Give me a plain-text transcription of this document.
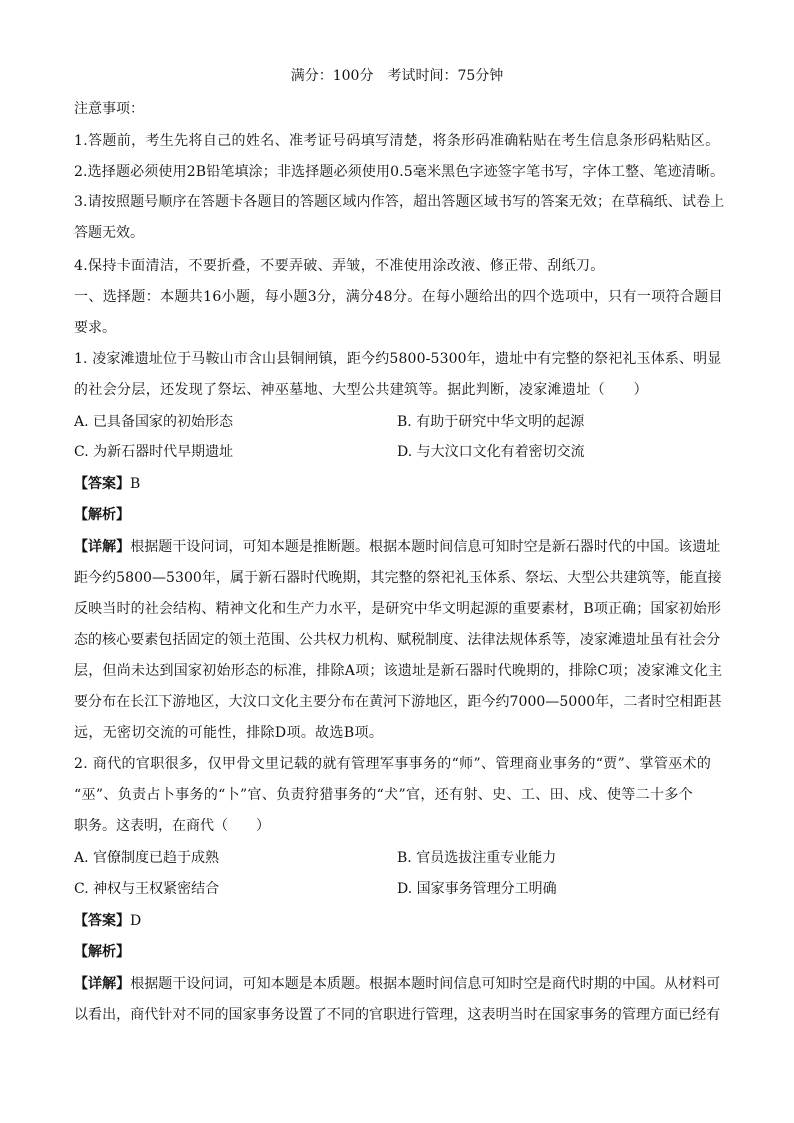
满分：100分　考试时间：75分钟
注意事项：
1.答题前，考生先将自己的姓名、准考证号码填写清楚，将条形码准确粘贴在考生信息条形码粘贴区。
2.选择题必须使用2B铅笔填涂；非选择题必须使用0.5毫米黑色字迹签字笔书写，字体工整、笔迹清晰。
3.请按照题号顺序在答题卡各题目的答题区域内作答，超出答题区域书写的答案无效；在草稿纸、试卷上
答题无效。
4.保持卡面清洁，不要折叠，不要弄破、弄皱，不准使用涂改液、修正带、刮纸刀。
一、选择题：本题共16小题，每小题3分，满分48分。在每小题给出的四个选项中，只有一项符合题目
要求。
1. 凌家滩遗址位于马鞍山市含山县铜闸镇，距今约5800-5300年，遗址中有完整的祭祀礼玉体系、明显
的社会分层，还发现了祭坛、神巫墓地、大型公共建筑等。据此判断，凌家滩遗址（　　）
A. 已具备国家的初始形态	B. 有助于研究中华文明的起源
C. 为新石器时代早期遗址	D. 与大汶口文化有着密切交流
【答案】B
【解析】
【详解】根据题干设问词，可知本题是推断题。根据本题时间信息可知时空是新石器时代的中国。该遗址
距今约5800—5300年，属于新石器时代晚期，其完整的祭祀礼玉体系、祭坛、大型公共建筑等，能直接
反映当时的社会结构、精神文化和生产力水平，是研究中华文明起源的重要素材，B项正确；国家初始形
态的核心要素包括固定的领土范围、公共权力机构、赋税制度、法律法规体系等，凌家滩遗址虽有社会分
层，但尚未达到国家初始形态的标准，排除A项；该遗址是新石器时代晚期的，排除C项；凌家滩文化主
要分布在长江下游地区，大汶口文化主要分布在黄河下游地区，距今约7000—5000年，二者时空相距甚
远，无密切交流的可能性，排除D项。故选B项。
2. 商代的官职很多，仅甲骨文里记载的就有管理军事事务的“师”、管理商业事务的“贾”、掌管巫术的
“巫”、负责占卜事务的“卜”官、负责狩猎事务的“犬”官，还有射、史、工、田、戍、使等二十多个
职务。这表明，在商代（　　）
A. 官僚制度已趋于成熟	B. 官员选拔注重专业能力
C. 神权与王权紧密结合	D. 国家事务管理分工明确
【答案】D
【解析】
【详解】根据题干设问词，可知本题是本质题。根据本题时间信息可知时空是商代时期的中国。从材料可
以看出，商代针对不同的国家事务设置了不同的官职进行管理，这表明当时在国家事务的管理方面已经有
